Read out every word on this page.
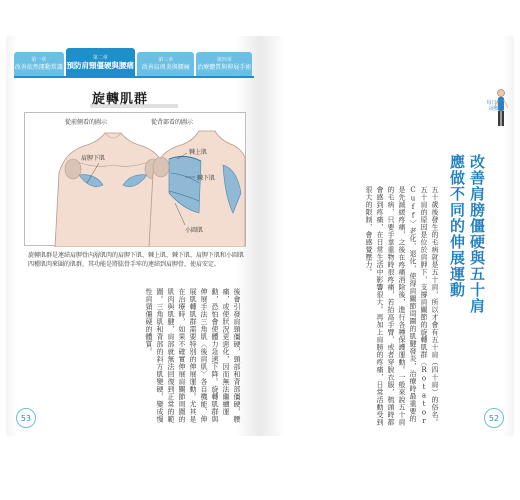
第一章
改善依然運動常識
第二章
預防肩頸僵硬與腰痛
第三章
改善肩周炎與腰痛
第四章
治療體質與伸展手術
旋轉肌群
從前側看的圖示	從背部看的圖示
肩胛下肌
棘上肌
棘下肌
小圓肌
旋轉肌群是連結肩胛骨內層肌肉的肩胛下肌、棘上肌、棘下肌、肩胛下肌和小圓肌四種肌肉來圍的肌群，其功能是將肱骨手牢的連結到肩胛骨，使肩安定。
後會引發肩頸僵硬，頸部和背部僵硬，腰痛，或使狀況更惡化，因而無法繼續運動，恐怕會使體力急速下降。旋轉肌群與伸展手法三角肌〈後肩肌〉各自機能、伸展肌轉肌群需要特別的伸展運動。尤其是在治療時，如果不確實伸展肩關節周圍的肌肉與肌腱，肩部就無法回復到正常的範圍。三角肌和背部的斜方肌變硬，變成慢性肩頸僵硬的體質。
53
每日伸展操
改善肩膀僵硬與五十肩
應做不同的伸展運動
五十歲後發生的毛病就是五十肩，所以才會有五十肩（四十肩）的俗名。五十肩的原因是位於肩胛下，支撐肩關節的旋轉肌群〈Rotator Cuff〉老化、退化，使得肩關節周圍的肌腱發炎，治療時最重要的是先減緩疼痛，之後在疼痛消除後，進行各種保護運動。一般來說五十肩的毛病，只要手拿重物時很疼痛，若抬高手臂，或者穿脫衣服，梳頭時都會感到疼痛，在日常生活中影響很大。再加上肩膀的疼痛，日常活動受到很大的限制，會感覺壓力。
52
